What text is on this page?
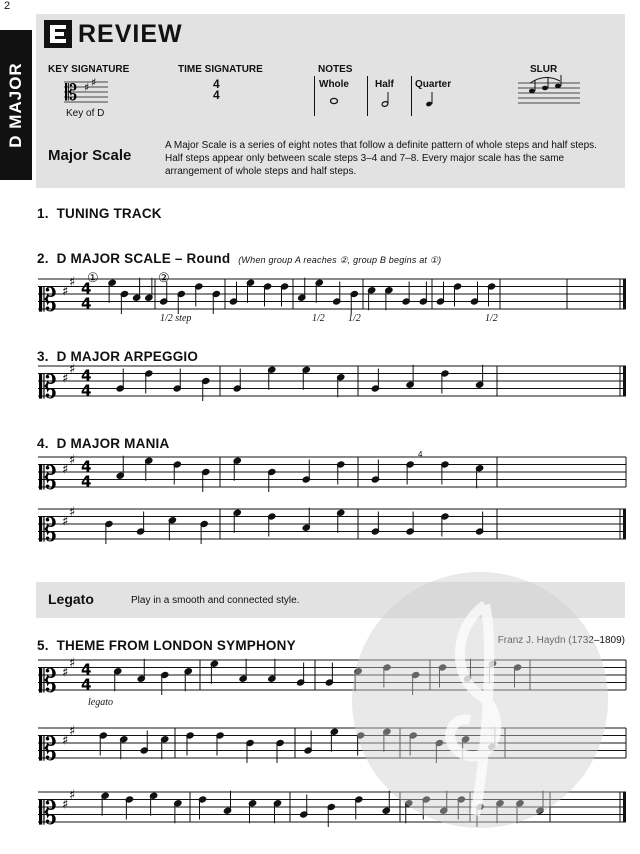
2
D MAJOR
REVIEW
KEY SIGNATURE
𝄡 ♯ ♯
Key of D
TIME SIGNATURE
4
4
NOTES
Whole	Half Quarter
SLUR
Major Scale
A Major Scale is a series of eight notes that follow a definite pattern of whole steps and half steps. Half steps appear only between scale steps 3–4 and 7–8. Every major scale has the same arrangement of whole steps and half steps.
1. TUNING TRACK
2. D MAJOR SCALE – Round (When group A reaches ②, group B begins at ①)
①	②
1/2 step	1/2 1/2	1/2
3. D MAJOR ARPEGGIO
4. D MAJOR MANIA
4
Legato	Play in a smooth and connected style.
5. THEME FROM LONDON SYMPHONY	Franz J. Haydn (1732–1809)
legato
𝄡 ♯
♯ 4
4
𝄡 ♯
♯ 4
4
𝄡 ♯
♯ 4
4
𝄡 ♯
♯
𝄡 ♯
♯ 4
4
𝄡 ♯
♯
𝄡 ♯
♯
